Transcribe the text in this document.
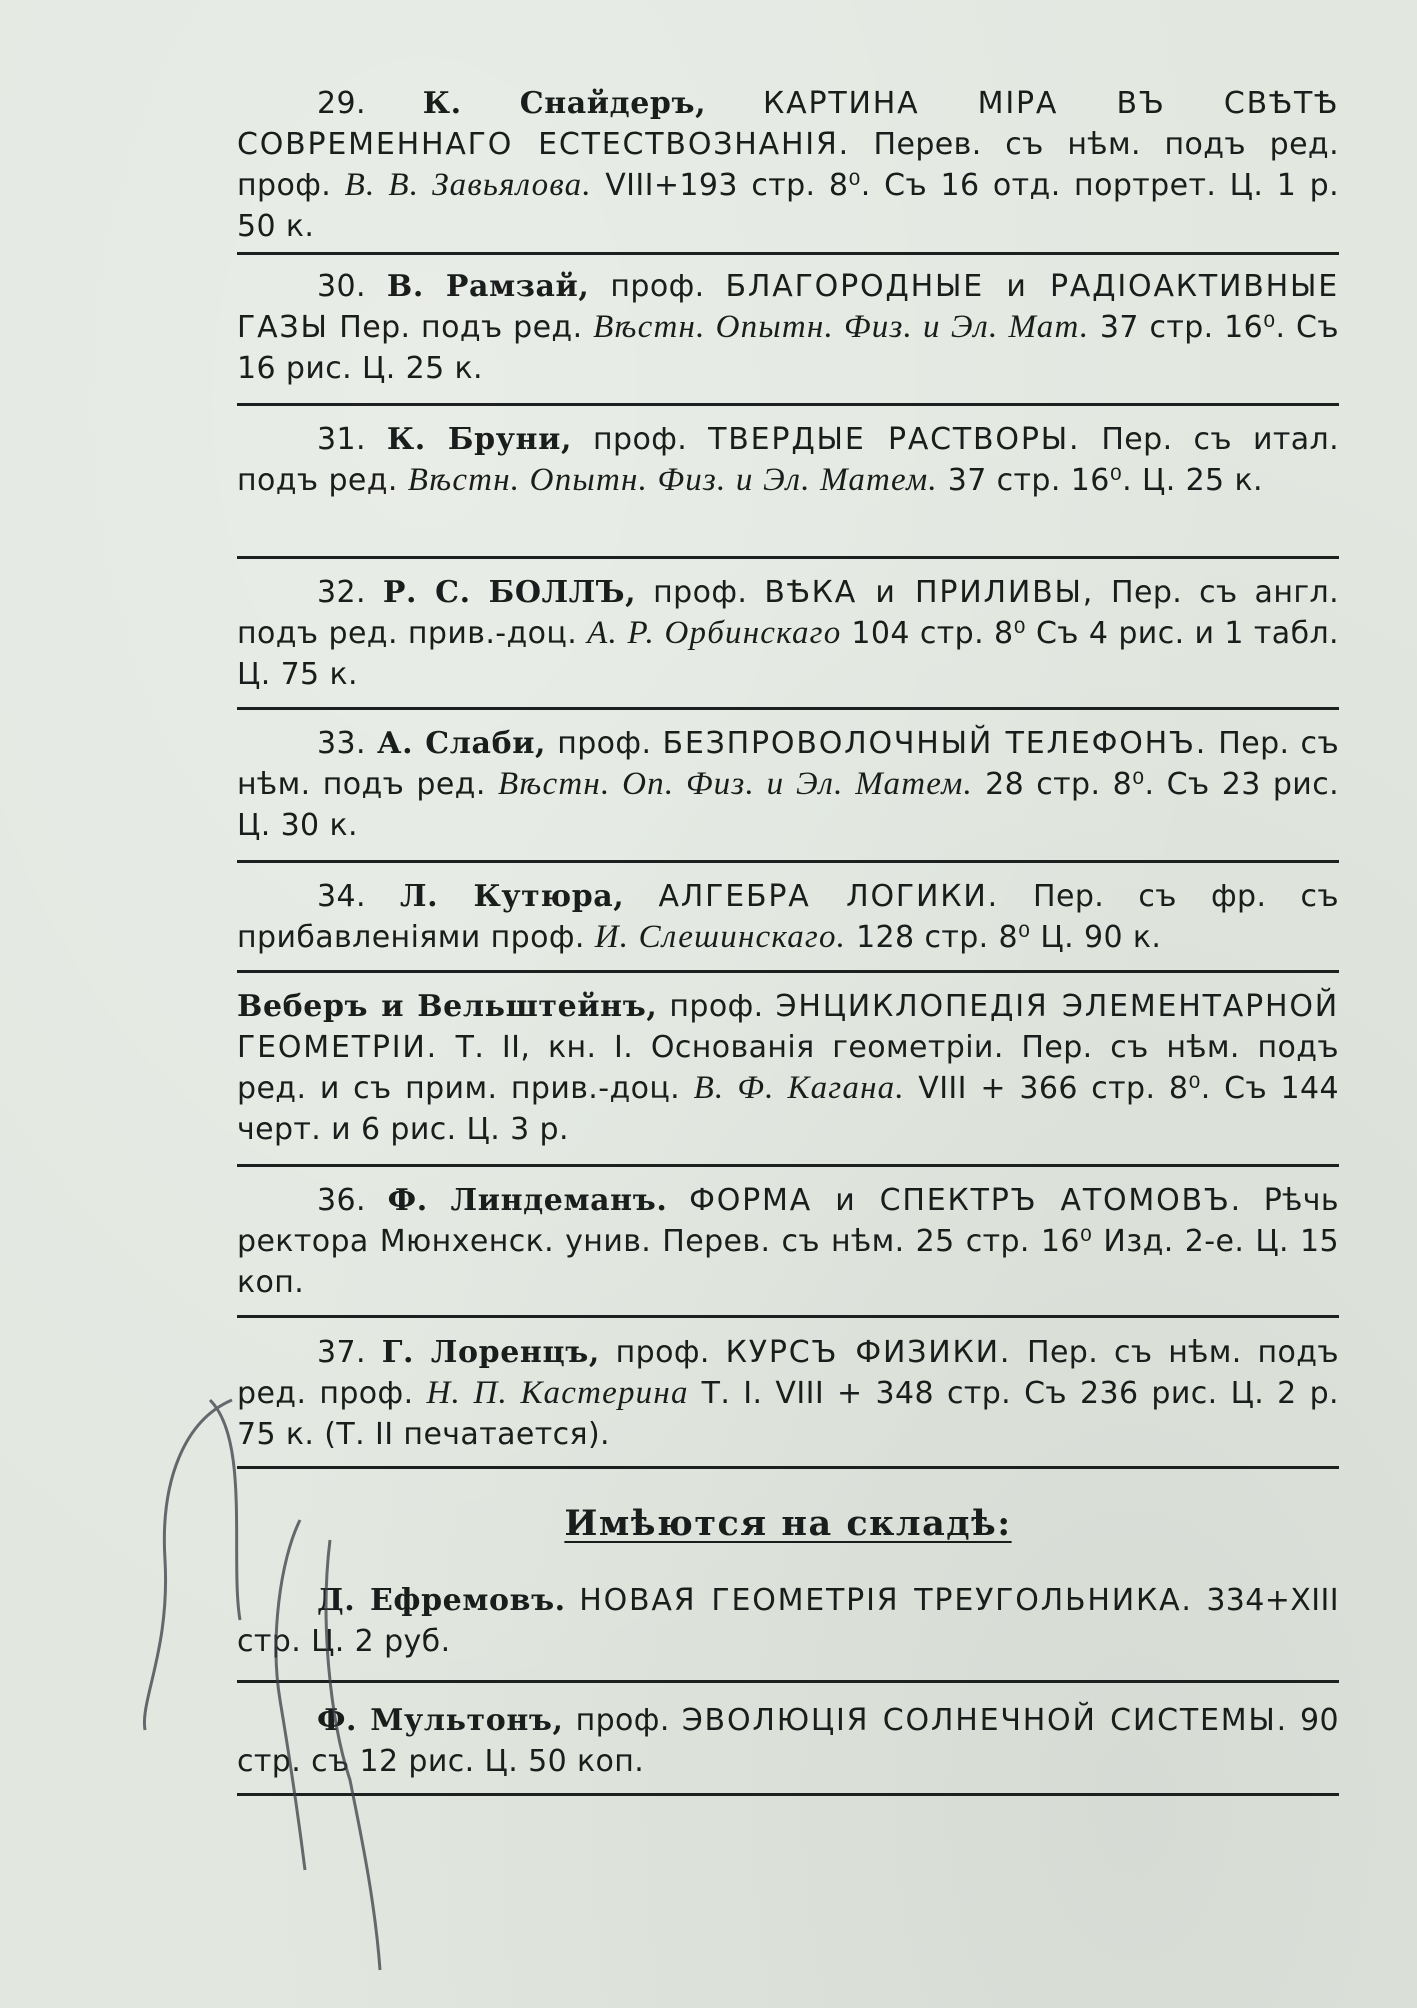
29. К. Снайдеръ, КАРТИНА МІРА ВЪ СВѢТѢ СОВРЕМЕННАГО ЕСТЕСТВОЗНАНІЯ. Перев. съ нѣм. подъ ред. проф. В. В. Завьялова. VIII+193 стр. 8⁰. Съ 16 отд. портрет. Ц. 1 р. 50 к.
30. В. Рамзай, проф. БЛАГОРОДНЫЕ и РАДІОАКТИВНЫЕ ГАЗЫ Пер. подъ ред. Вѣстн. Опытн. Физ. и Эл. Мат. 37 стр. 16⁰. Съ 16 рис. Ц. 25 к.
31. К. Бруни, проф. ТВЕРДЫЕ РАСТВОРЫ. Пер. съ итал. подъ ред. Вѣстн. Опытн. Физ. и Эл. Матем. 37 стр. 16⁰. Ц. 25 к.
32. Р. С. БОЛЛЪ, проф. ВѢКА и ПРИЛИВЫ, Пер. съ англ. подъ ред. прив.-доц. А. Р. Орбинскаго 104 стр. 8⁰ Съ 4 рис. и 1 табл. Ц. 75 к.
33. А. Слаби, проф. БЕЗПРОВОЛОЧНЫЙ ТЕЛЕФОНЪ. Пер. съ нѣм. подъ ред. Вѣстн. Оп. Физ. и Эл. Матем. 28 стр. 8⁰. Съ 23 рис. Ц. 30 к.
34. Л. Кутюра, АЛГЕБРА ЛОГИКИ. Пер. съ фр. съ прибавленіями проф. И. Слешинскаго. 128 стр. 8⁰ Ц. 90 к.
Веберъ и Вельштейнъ, проф. ЭНЦИКЛОПЕДІЯ ЭЛЕМЕНТАРНОЙ ГЕОМЕТРІИ. Т. II, кн. I. Основанія геометріи. Пер. съ нѣм. подъ ред. и съ прим. прив.-доц. В. Ф. Кагана. VIII + 366 стр. 8⁰. Съ 144 черт. и 6 рис. Ц. 3 р.
36. Ф. Линдеманъ. ФОРМА и СПЕКТРЪ АТОМОВЪ. Рѣчь ректора Мюнхенск. унив. Перев. съ нѣм. 25 стр. 16⁰ Изд. 2-е. Ц. 15 коп.
37. Г. Лоренцъ, проф. КУРСЪ ФИЗИКИ. Пер. съ нѣм. подъ ред. проф. Н. П. Кастерина Т. I. VIII + 348 стр. Съ 236 рис. Ц. 2 р. 75 к. (Т. II печатается).
Имѣются на складѣ:
Д. Ефремовъ. НОВАЯ ГЕОМЕТРІЯ ТРЕУГОЛЬНИКА. 334+XIII стр. Ц. 2 руб.
Ф. Мультонъ, проф. ЭВОЛЮЦІЯ СОЛНЕЧНОЙ СИСТЕМЫ. 90 стр. съ 12 рис. Ц. 50 коп.
